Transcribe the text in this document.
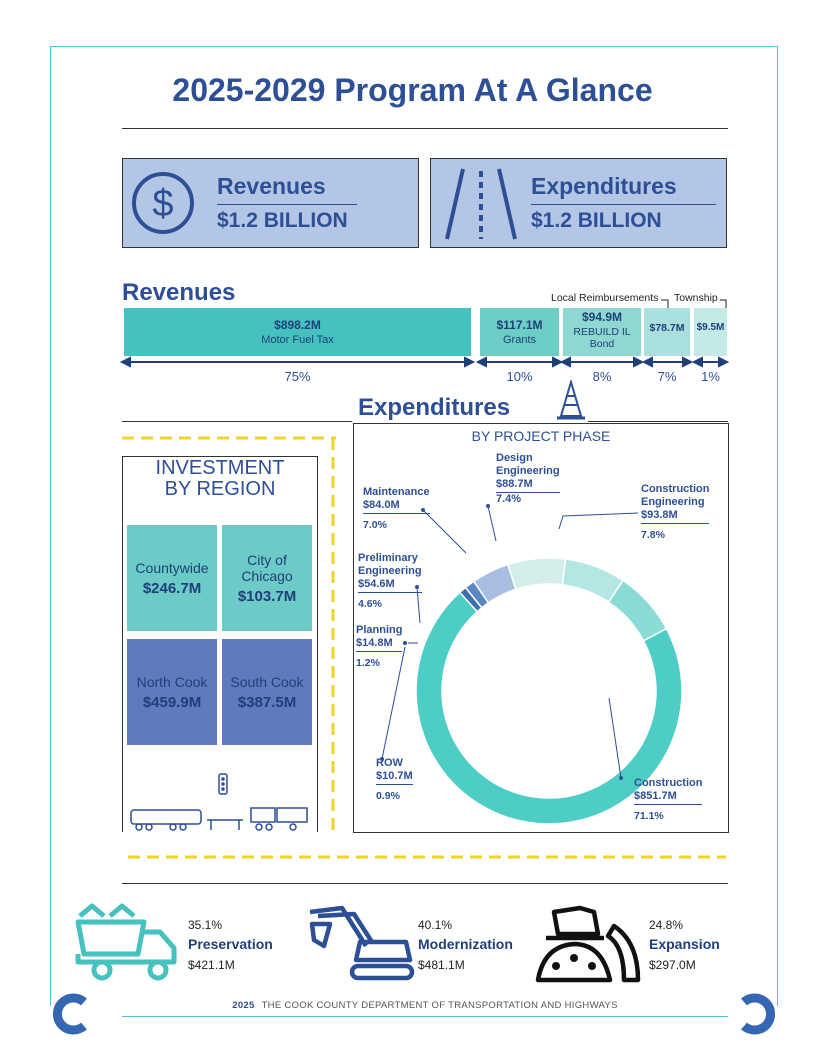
2025-2029 Program At A Glance
$ Revenues
$1.2 BILLION
Expenditures
$1.2 BILLION
Revenues	Local Reimbursements Township
$898.2M
Motor Fuel Tax
$117.1M
Grants
$94.9M
REBUILD IL
Bond
$78.7M	$9.5M
75%	10%	8%	7%	1%
Expenditures
INVESTMENT
BY REGION
Countywide
$246.7M
City of
Chicago
$103.7M
North Cook
$459.9M
South Cook
$387.5M
BY PROJECT PHASE
Design
Engineering
$88.7M
7.4%
Construction
Engineering
$93.8M
7.8%
Maintenance
$84.0M
7.0%
Preliminary
Engineering
$54.6M
4.6%
Planning
$14.8M
1.2%
ROW
$10.7M
0.9%
Construction
$851.7M
71.1%
35.1%
Preservation
$421.1M
40.1%
Modernization
$481.1M
24.8%
Expansion
$297.0M
2025 THE COOK COUNTY DEPARTMENT OF TRANSPORTATION AND HIGHWAYS
